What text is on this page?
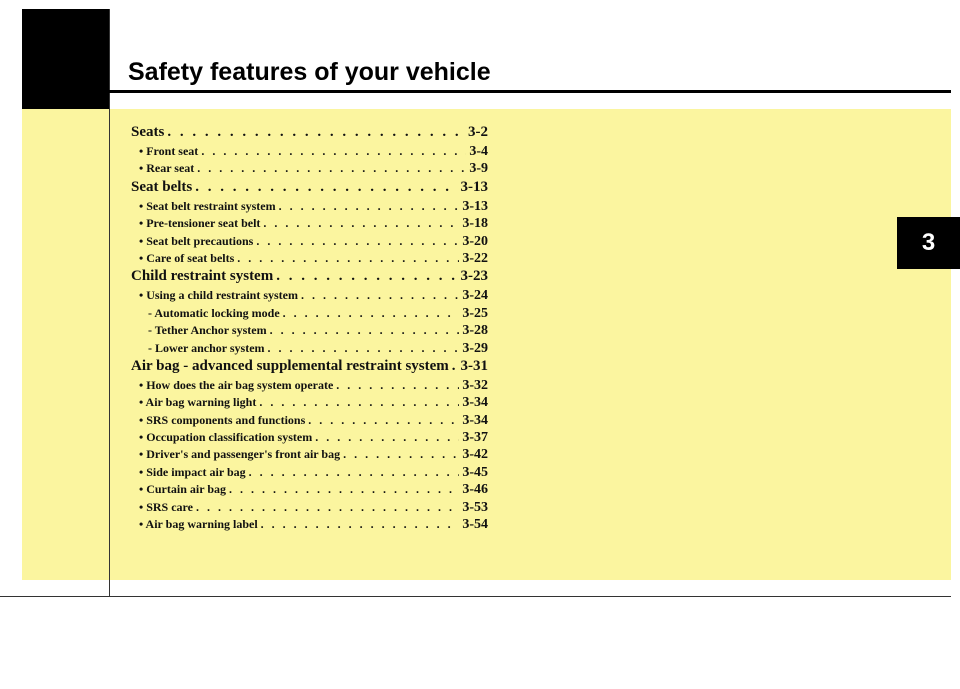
Safety features of your vehicle
3
Seats . . .	3-2
• Front seat . . .	3-4
• Rear seat . . .	3-9
Seat belts . . .	3-13
• Seat belt restraint system . . .	3-13
• Pre-tensioner seat belt . . .	3-18
• Seat belt precautions . . .	3-20
• Care of seat belts . . .	3-22
Child restraint system . . .	3-23
• Using a child restraint system . . .	3-24
- Automatic locking mode . . .	3-25
- Tether Anchor system . . .	3-28
- Lower anchor system . . .	3-29
Air bag - advanced supplemental restraint system . . . 3-31
• How does the air bag system operate . . .	3-32
• Air bag warning light . . .	3-34
• SRS components and functions . . .	3-34
• Occupation classification system . . .	3-37
• Driver's and passenger's front air bag . . .	3-42
• Side impact air bag . . .	3-45
• Curtain air bag . . .	3-46
• SRS care . . .	3-53
• Air bag warning label . . .	3-54
